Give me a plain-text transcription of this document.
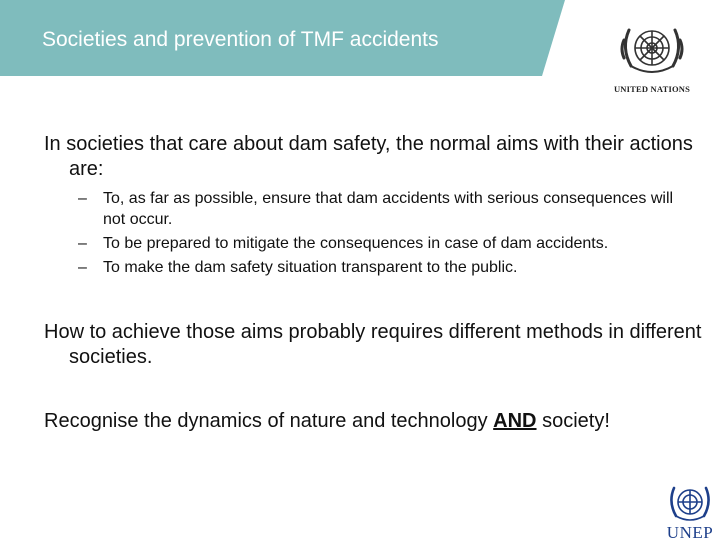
Societies and prevention of TMF accidents
UNITED NATIONS
In societies that care about dam safety, the normal aims with their actions are:
– To, as far as possible, ensure that dam accidents with serious consequences will not occur.
– To be prepared to mitigate the consequences in case of dam accidents.
– To make the dam safety situation transparent to the public.
How to achieve those aims probably requires different methods in different societies.
Recognise the dynamics of nature and technology AND society!
UNEP
